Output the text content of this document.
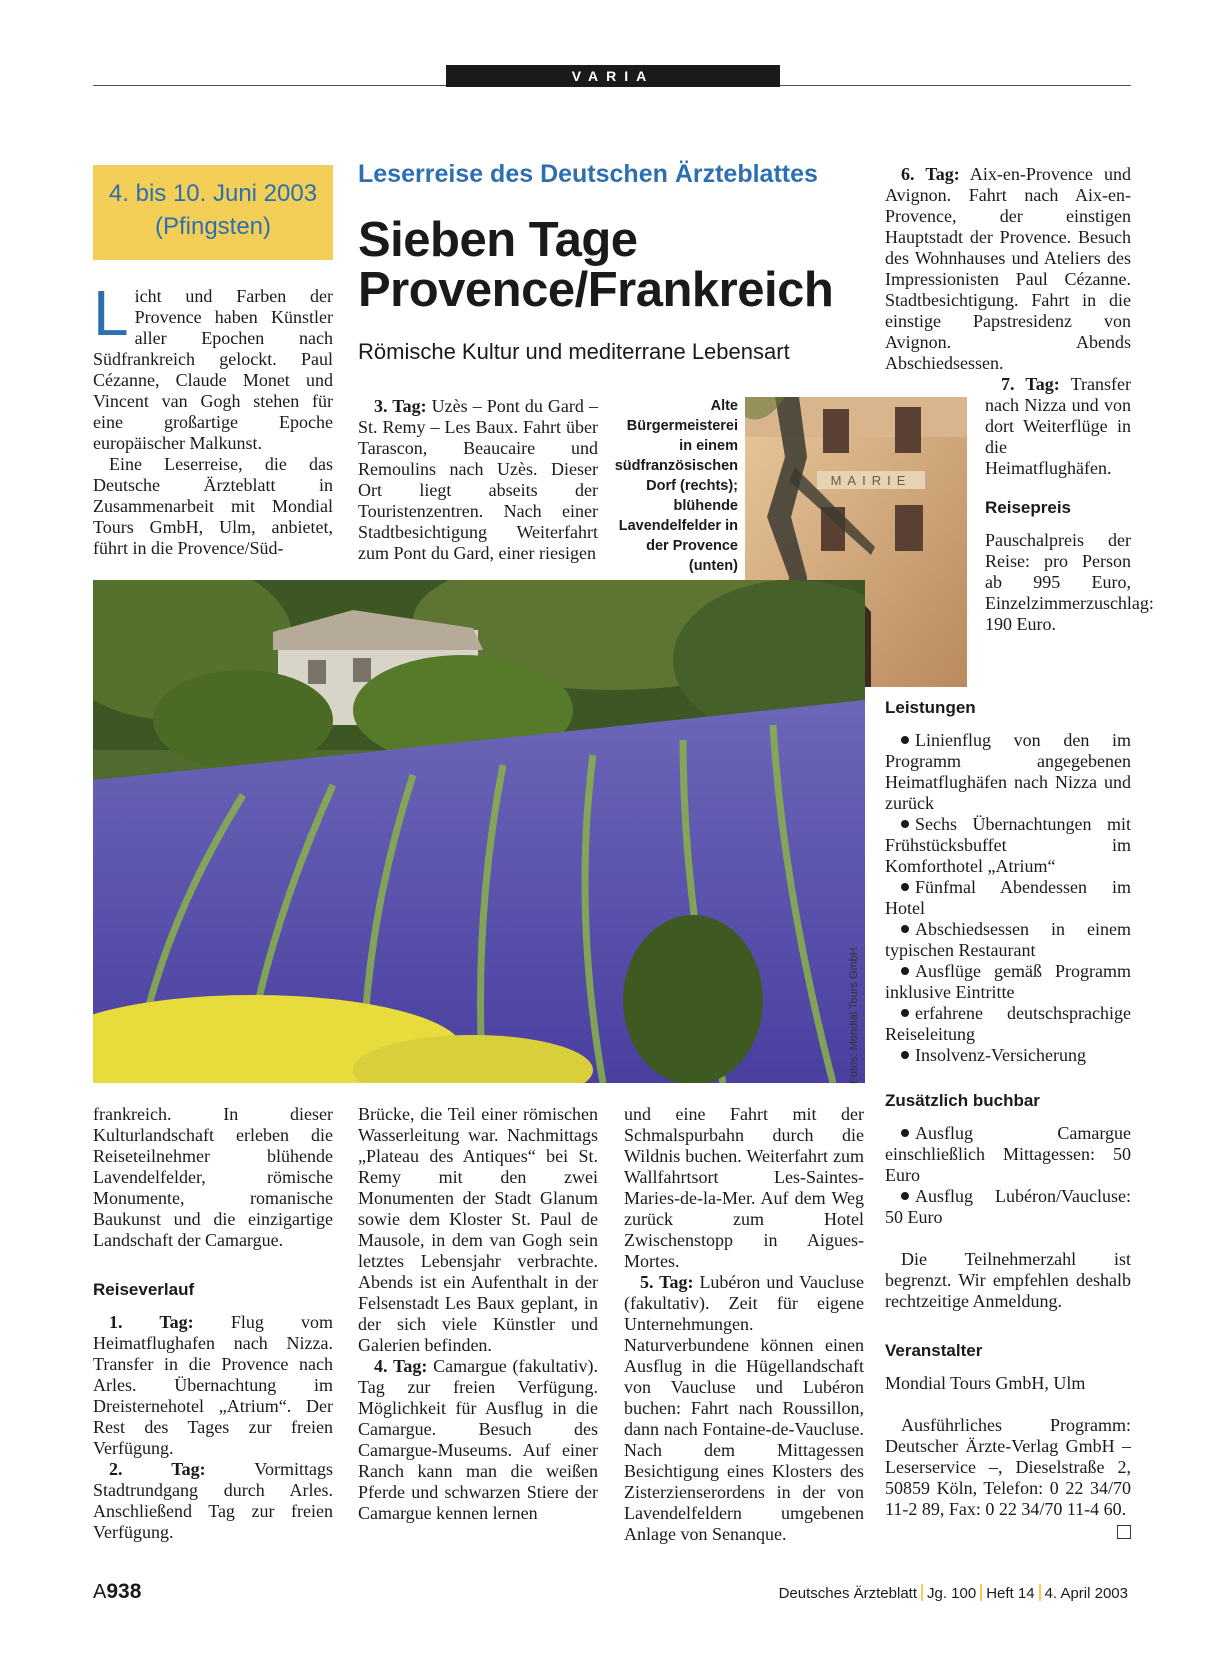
VARIA
4. bis 10. Juni 2003
(Pfingsten)
Leserreise des Deutschen Ärzteblattes
Sieben Tage
Provence/Frankreich
Römische Kultur und mediterrane Lebensart

L icht und Farben der Provence haben Künstler aller Epochen nach Südfrankreich gelockt. Paul Cézanne, Claude Monet und Vincent van Gogh stehen für eine großartige Epoche europäischer Malkunst.

Eine Leserreise, die das Deutsche Ärzteblatt in Zusammenarbeit mit Mondial Tours GmbH, Ulm, anbietet, führt in die Provence/Süd-

3. Tag: Uzès – Pont du Gard – St. Remy – Les Baux. Fahrt über Tarascon, Beaucaire und Remoulins nach Uzès. Dieser Ort liegt abseits der Touristenzentren. Nach einer Stadtbesichtigung Weiterfahrt zum Pont du Gard, einer riesigen

Alte Bürgermeisterei in einem südfranzösischen Dorf (rechts); blühende Lavendelfelder in der Provence (unten)
MAIRIE
Fotos: Mondial Tours GmbH

6. Tag: Aix-en-Provence und Avignon. Fahrt nach Aix-en-Provence, der einstigen Hauptstadt der Provence. Besuch des Wohnhauses und Ateliers des Impressionisten Paul Cézanne. Stadtbesichtigung. Fahrt in die einstige Papstresidenz von Avignon. Abends Abschiedsessen.

7. Tag: Transfer nach Nizza und von dort Weiterflüge in die Heimatflughäfen.

Reisepreis

Pauschalpreis der Reise: pro Person ab 995 Euro, Einzelzimmerzuschlag: 190 Euro.

Leistungen

Linienflug von den im Programm angegebenen Heimatflughäfen nach Nizza und zurück

Sechs Übernachtungen mit Frühstücksbuffet im Komforthotel „Atrium“

Fünfmal Abendessen im Hotel

Abschiedsessen in einem typischen Restaurant

Ausflüge gemäß Programm inklusive Eintritte

erfahrene deutschsprachige Reiseleitung

Insolvenz-Versicherung

frankreich. In dieser Kulturlandschaft erleben die Reiseteilnehmer blühende Lavendelfelder, römische Monumente, romanische Baukunst und die einzigartige Landschaft der Camargue.

Reiseverlauf

1. Tag: Flug vom Heimatflughafen nach Nizza. Transfer in die Provence nach Arles. Übernachtung im Dreisternehotel „Atrium“. Der Rest des Tages zur freien Verfügung.

2. Tag: Vormittags Stadtrundgang durch Arles. Anschließend Tag zur freien Verfügung.

Brücke, die Teil einer römischen Wasserleitung war. Nachmittags „Plateau des Antiques“ bei St. Remy mit den zwei Monumenten der Stadt Glanum sowie dem Kloster St. Paul de Mausole, in dem van Gogh sein letztes Lebensjahr verbrachte. Abends ist ein Aufenthalt in der Felsenstadt Les Baux geplant, in der sich viele Künstler und Galerien befinden.

4. Tag: Camargue (fakultativ). Tag zur freien Verfügung. Möglichkeit für Ausflug in die Camargue. Besuch des Camargue-Museums. Auf einer Ranch kann man die weißen Pferde und schwarzen Stiere der Camargue kennen lernen

und eine Fahrt mit der Schmalspurbahn durch die Wildnis buchen. Weiterfahrt zum Wallfahrtsort Les-Saintes-Maries-de-la-Mer. Auf dem Weg zurück zum Hotel Zwischenstopp in Aigues-Mortes.

5. Tag: Lubéron und Vaucluse (fakultativ). Zeit für eigene Unternehmungen. Naturverbundene können einen Ausflug in die Hügellandschaft von Vaucluse und Lubéron buchen: Fahrt nach Roussillon, dann nach Fontaine-de-Vaucluse. Nach dem Mittagessen Besichtigung eines Klosters des Zisterzienserordens in der von Lavendelfeldern umgebenen Anlage von Senanque.

Zusätzlich buchbar

Ausflug Camargue einschließlich Mittagessen: 50 Euro

Ausflug Lubéron/Vaucluse: 50 Euro

Die Teilnehmerzahl ist begrenzt. Wir empfehlen deshalb rechtzeitige Anmeldung.

Veranstalter

Mondial Tours GmbH, Ulm

Ausführliches Programm: Deutscher Ärzte-Verlag GmbH – Leserservice –, Dieselstraße 2, 50859 Köln, Telefon: 0 22 34/70 11-2 89, Fax: 0 22 34/70 11-4 60.

A938	Deutsches Ärzteblatt Jg. 100 Heft 14 4. April 2003
